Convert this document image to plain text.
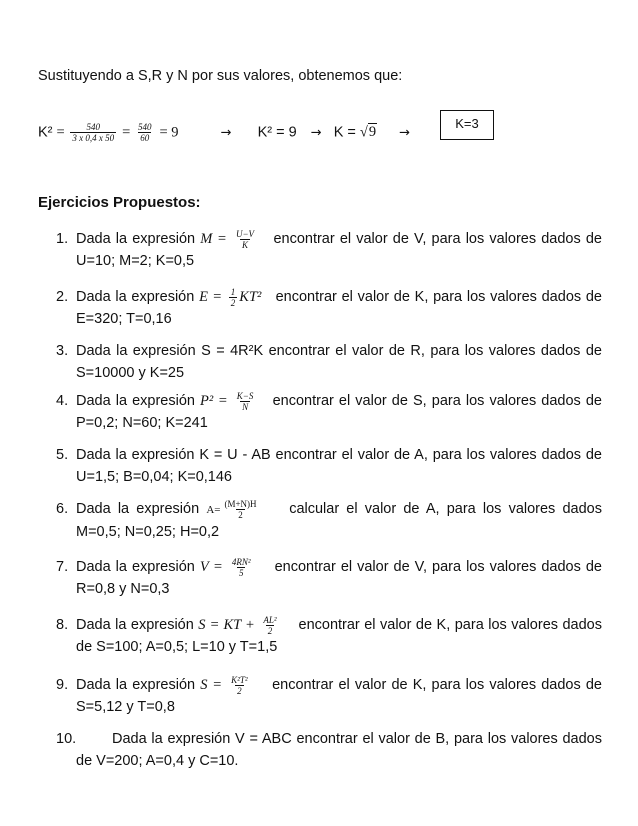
Sustituyendo a S,R y N por sus valores, obtenemos que:
$K^2 = \frac{540}{3 x 0,4 x 50} = \frac{540}{60} = 9$	→ K² = 9 → K = √9 →
K=3
Ejercicios Propuestos:
1. Dada la expresión $M = \frac{U-V}{K}$ encontrar el valor de V, para los valores dados de U=10; M=2; K=0,5
2. Dada la expresión $E = \frac{1}{2} KT^2$ encontrar el valor de K, para los valores dados de E=320; T=0,16
3. Dada la expresión S = 4R²K encontrar el valor de R, para los valores dados de S=10000 y K=25
4. Dada la expresión $P^2 = \frac{K-S}{N}$ encontrar el valor de S, para los valores dados de P=0,2; N=60; K=241
5. Dada la expresión K = U - AB encontrar el valor de A, para los valores dados de U=1,5; B=0,04; K=0,146
6. Dada la expresión $A= \frac{(M+N)H}{2}$ calcular el valor de A, para los valores dados M=0,5; N=0,25; H=0,2
7. Dada la expresión $V = \frac{\text{4RN²}}{5}$ encontrar el valor de V, para los valores dados de R=0,8 y N=0,3
8. Dada la expresión S = KT + $\frac{\text{AL²}}{2}$ encontrar el valor de K, para los valores dados de S=100; A=0,5; L=10 y T=1,5
9. Dada la expresión $S = \frac{\text{K²T²}}{2}$ encontrar el valor de K, para los valores dados de S=5,12 y T=0,8
10.	Dada la expresión V = ABC encontrar el valor de B, para los valores dados de V=200; A=0,4 y C=10.
